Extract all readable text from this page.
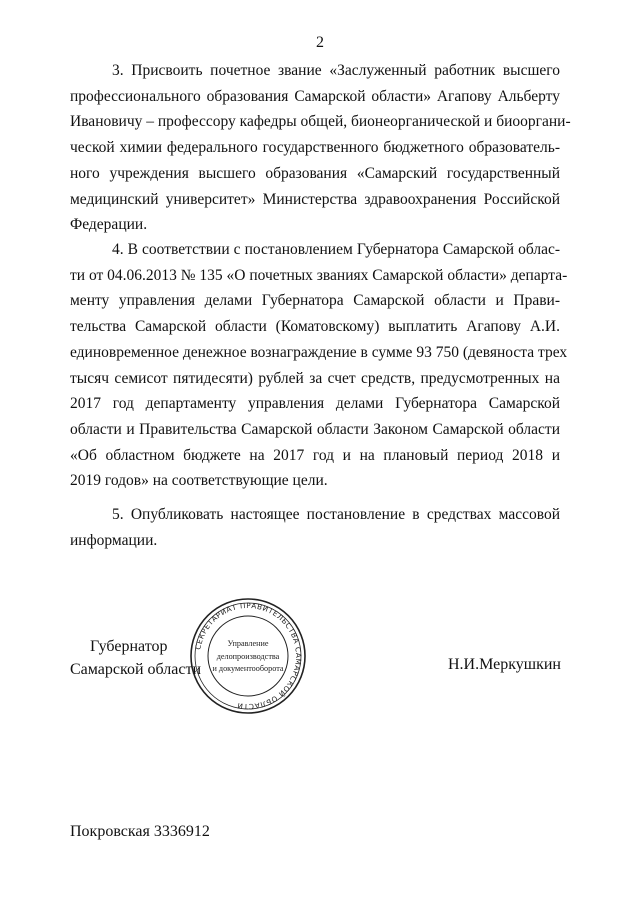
2
3. Присвоить почетное звание «Заслуженный работник высшего
профессионального образования Самарской области» Агапову Альберту
Ивановичу – профессору кафедры общей, бионеорганической и биооргани-
ческой химии федерального государственного бюджетного образователь-
ного учреждения высшего образования «Самарский государственный
медицинский университет» Министерства здравоохранения Российской
Федерации.
4. В соответствии с постановлением Губернатора Самарской облас-
ти от 04.06.2013 № 135 «О почетных званиях Самарской области» департа-
менту управления делами Губернатора Самарской области и Прави-
тельства Самарской области (Коматовскому) выплатить Агапову А.И.
единовременное денежное вознаграждение в сумме 93 750 (девяноста трех
тысяч семисот пятидесяти) рублей за счет средств, предусмотренных на
2017 год департаменту управления делами Губернатора Самарской
области и Правительства Самарской области Законом Самарской области
«Об областном бюджете на 2017 год и на плановый период 2018 и
2019 годов» на соответствующие цели.
5. Опубликовать настоящее постановление в средствах массовой
информации.
Губернатор
Самарской области
СЕКРЕТАРИАТ ПРАВИТЕЛЬСТВА САМАРСКОЙ ОБЛАСТИ
Управление
делопроизводства
и документооборота	Н.И.Меркушкин
Покровская 3336912
